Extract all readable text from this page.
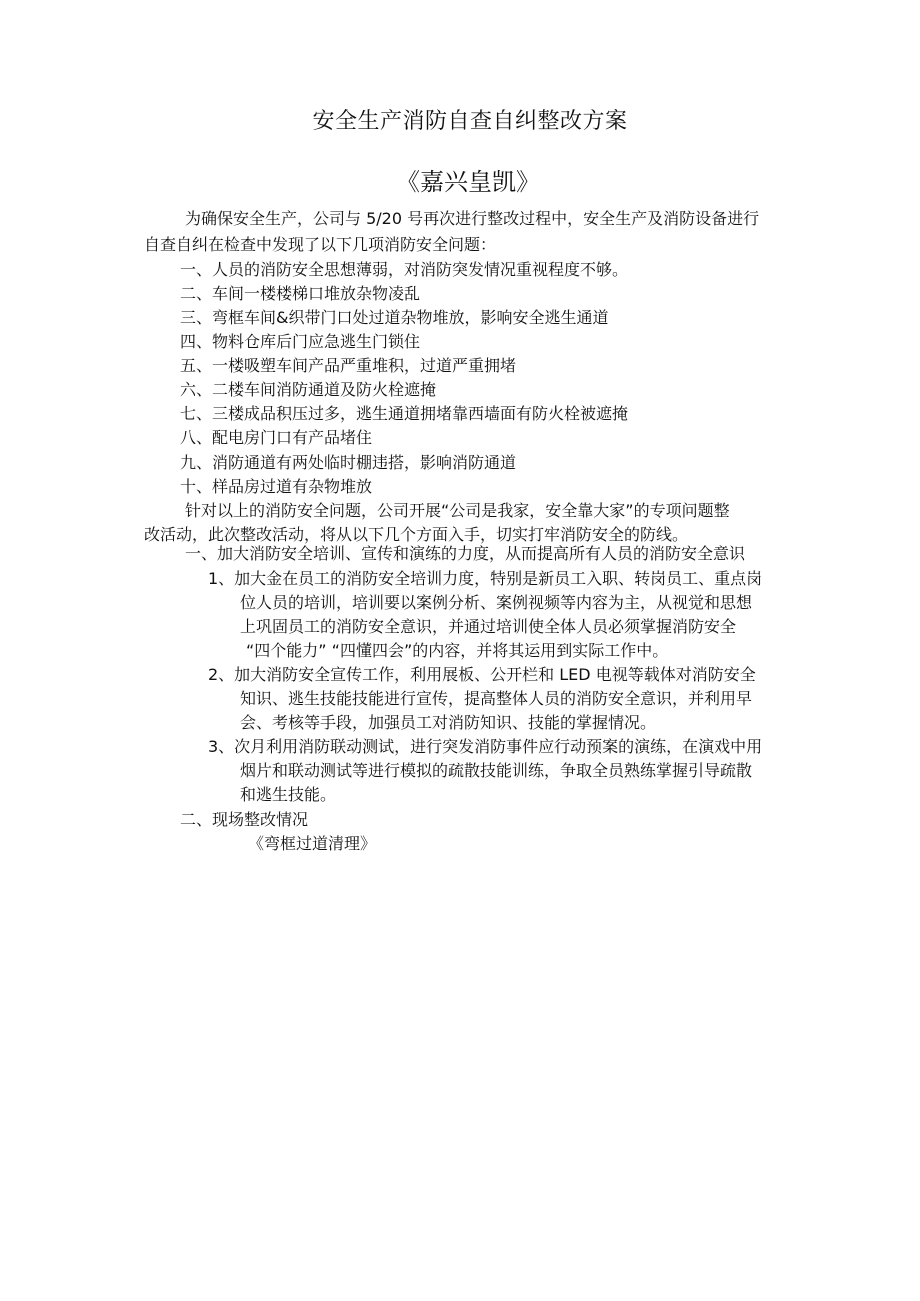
安全生产消防自查自纠整改方案
《嘉兴皇凯》
为确保安全生产，公司与 5/20 号再次进行整改过程中，安全生产及消防设备进行
自查自纠在检查中发现了以下几项消防安全问题：
一、人员的消防安全思想薄弱，对消防突发情况重视程度不够。
二、车间一楼楼梯口堆放杂物凌乱
三、弯框车间&织带门口处过道杂物堆放，影响安全逃生通道
四、物料仓库后门应急逃生门锁住
五、一楼吸塑车间产品严重堆积，过道严重拥堵
六、二楼车间消防通道及防火栓遮掩
七、三楼成品积压过多，逃生通道拥堵靠西墙面有防火栓被遮掩
八、配电房门口有产品堵住
九、消防通道有两处临时棚违搭，影响消防通道
十、样品房过道有杂物堆放
针对以上的消防安全问题，公司开展“公司是我家，安全靠大家”的专项问题整
改活动，此次整改活动，将从以下几个方面入手，切实打牢消防安全的防线。
一、加大消防安全培训、宣传和演练的力度，从而提高所有人员的消防安全意识
1、加大金在员工的消防安全培训力度，特别是新员工入职、转岗员工、重点岗
位人员的培训，培训要以案例分析、案例视频等内容为主，从视觉和思想
上巩固员工的消防安全意识，并通过培训使全体人员必须掌握消防安全
“四个能力” “四懂四会”的内容，并将其运用到实际工作中。
2、加大消防安全宣传工作，利用展板、公开栏和 LED 电视等载体对消防安全
知识、逃生技能技能进行宣传，提高整体人员的消防安全意识，并利用早
会、考核等手段，加强员工对消防知识、技能的掌握情况。
3、次月利用消防联动测试，进行突发消防事件应行动预案的演练，在演戏中用
烟片和联动测试等进行模拟的疏散技能训练，争取全员熟练掌握引导疏散
和逃生技能。
二、现场整改情况
《弯框过道清理》
